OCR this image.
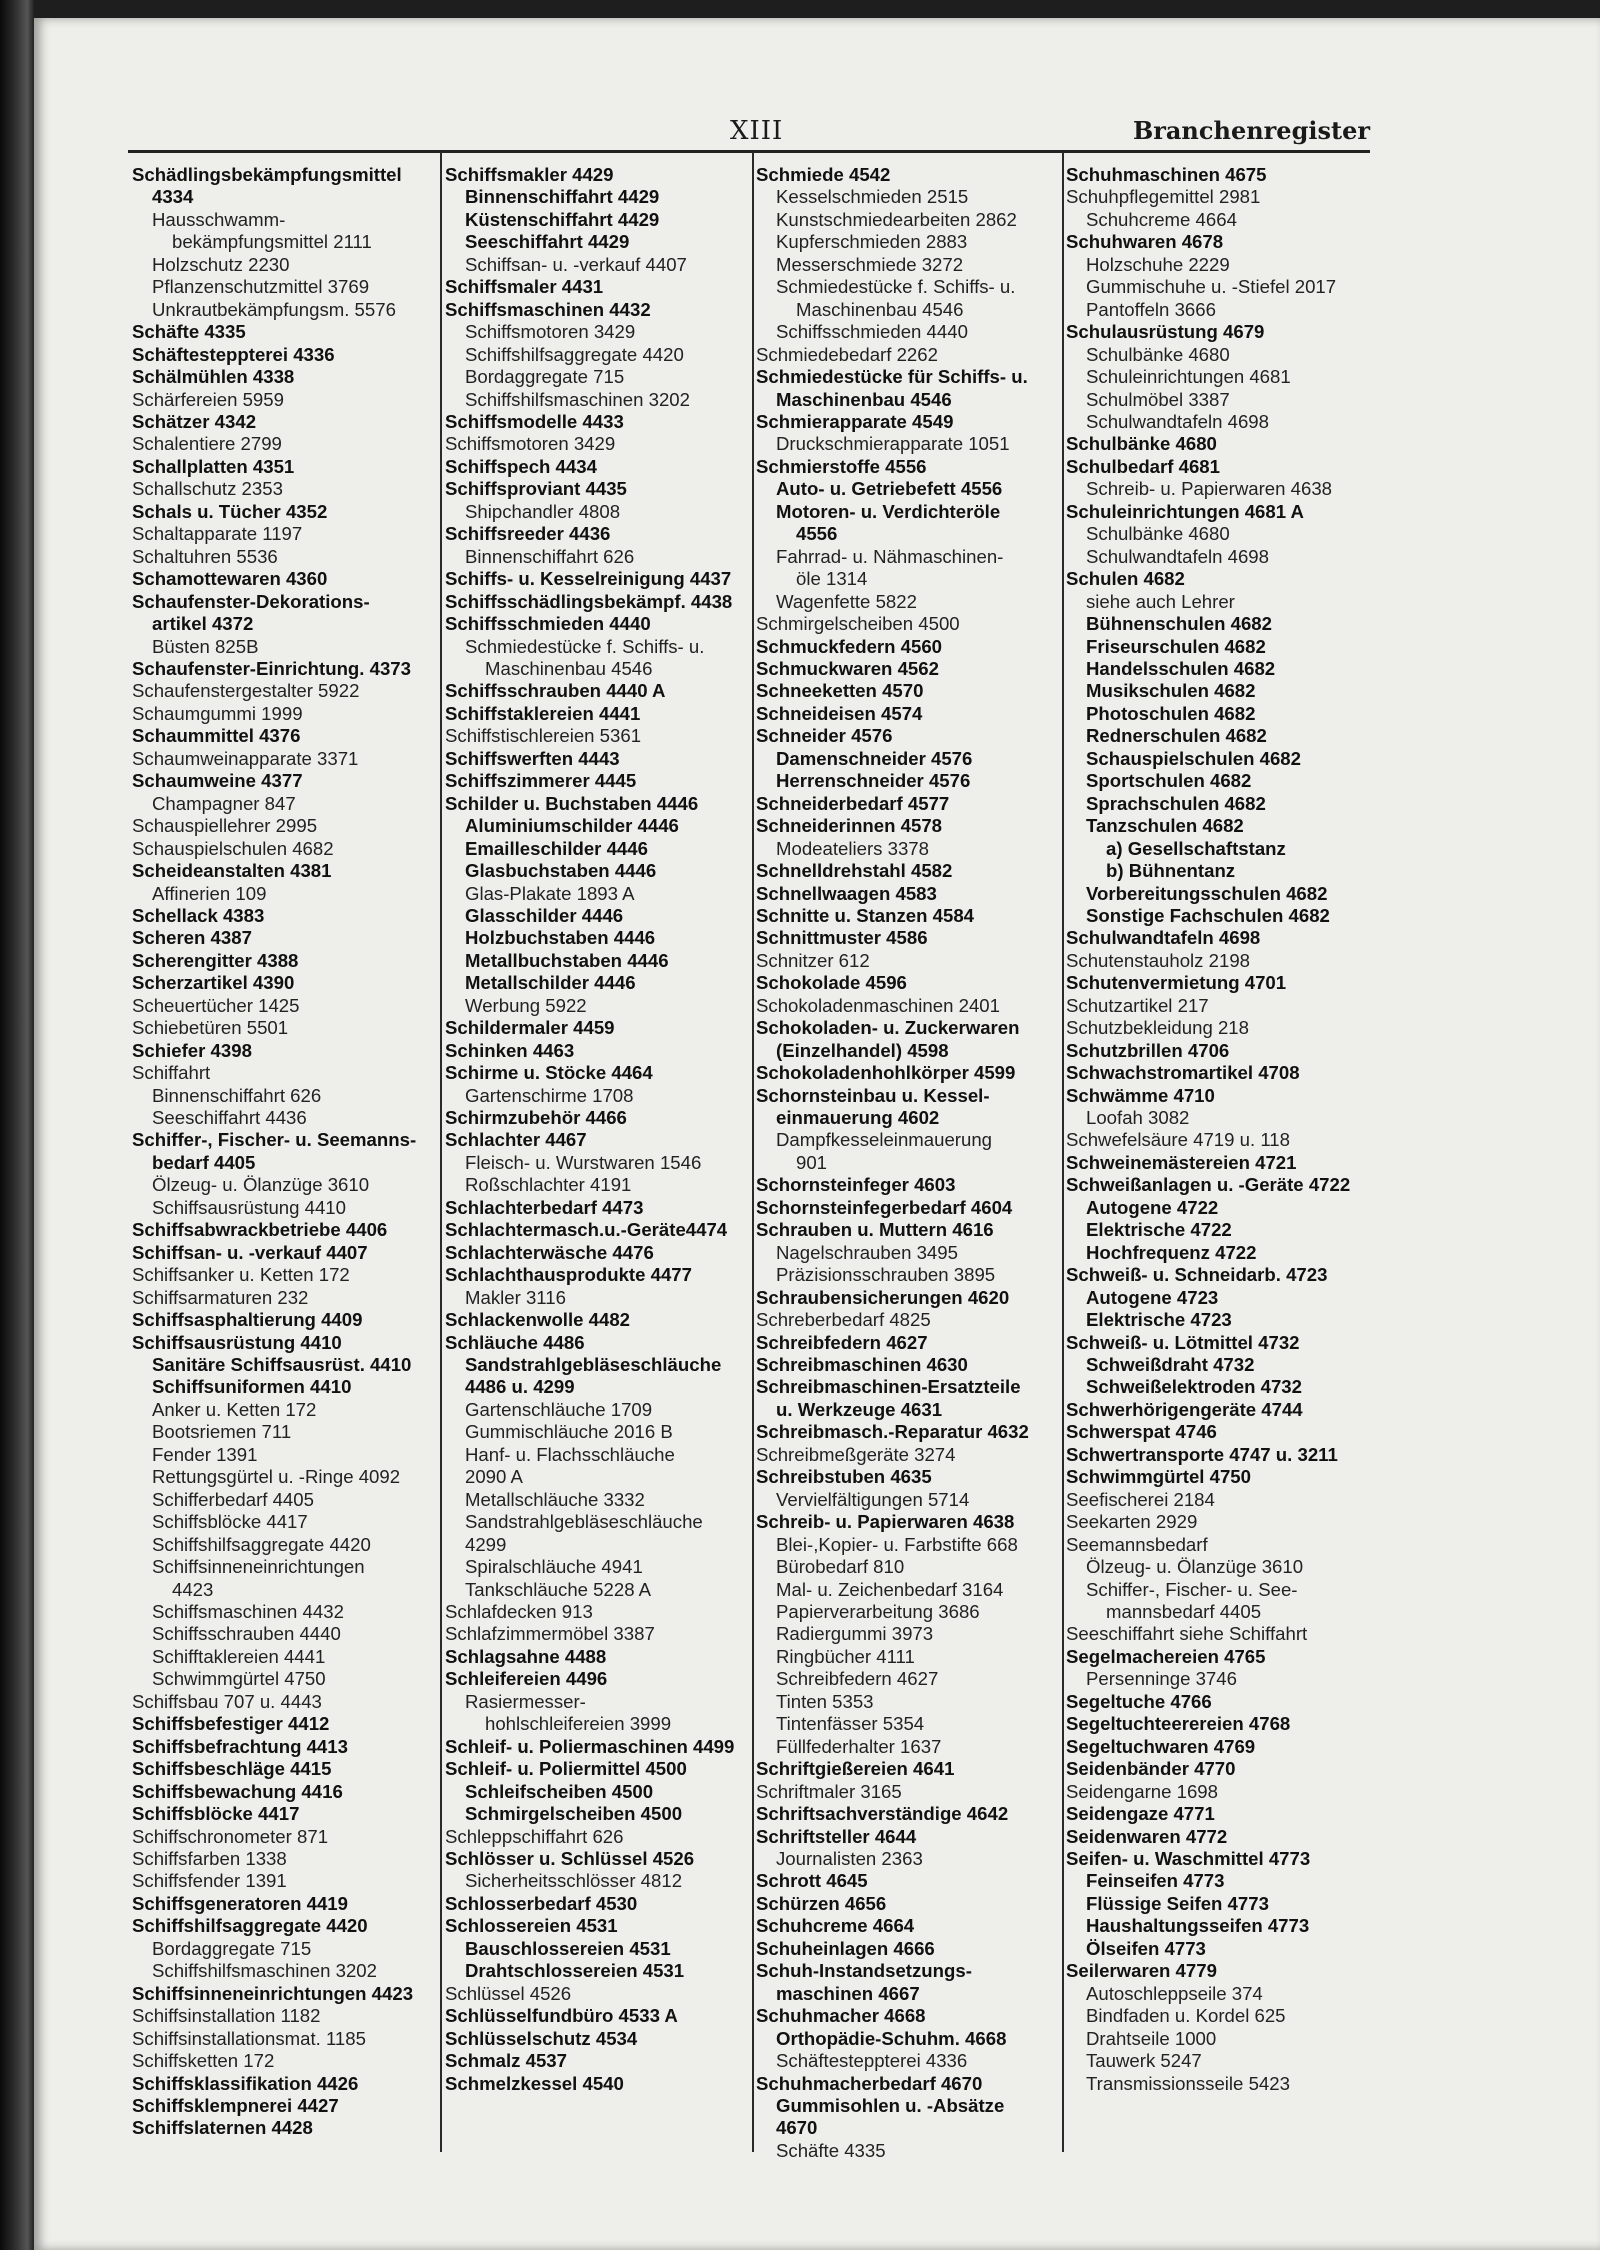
XIII	Branchenregister
Schädlingsbekämpfungsmittel
4334
Hausschwamm-
bekämpfungsmittel 2111
Holzschutz 2230
Pflanzenschutzmittel 3769
Unkrautbekämpfungsm. 5576
Schäfte 4335
Schäftesteppterei 4336
Schälmühlen 4338
Schärfereien 5959
Schätzer 4342
Schalentiere 2799
Schallplatten 4351
Schallschutz 2353
Schals u. Tücher 4352
Schaltapparate 1197
Schaltuhren 5536
Schamottewaren 4360
Schaufenster-Dekorations-
artikel 4372
Büsten 825B
Schaufenster-Einrichtung. 4373
Schaufenstergestalter 5922
Schaumgummi 1999
Schaummittel 4376
Schaumweinapparate 3371
Schaumweine 4377
Champagner 847
Schauspiellehrer 2995
Schauspielschulen 4682
Scheideanstalten 4381
Affinerien 109
Schellack 4383
Scheren 4387
Scherengitter 4388
Scherzartikel 4390
Scheuertücher 1425
Schiebetüren 5501
Schiefer 4398
Schiffahrt
Binnenschiffahrt 626
Seeschiffahrt 4436
Schiffer-, Fischer- u. Seemanns-
bedarf 4405
Ölzeug- u. Ölanzüge 3610
Schiffsausrüstung 4410
Schiffsabwrackbetriebe 4406
Schiffsan- u. -verkauf 4407
Schiffsanker u. Ketten 172
Schiffsarmaturen 232
Schiffsasphaltierung 4409
Schiffsausrüstung 4410
Sanitäre Schiffsausrüst. 4410
Schiffsuniformen 4410
Anker u. Ketten 172
Bootsriemen 711
Fender 1391
Rettungsgürtel u. -Ringe 4092
Schifferbedarf 4405
Schiffsblöcke 4417
Schiffshilfsaggregate 4420
Schiffsinneneinrichtungen
4423
Schiffsmaschinen 4432
Schiffsschrauben 4440
Schifftaklereien 4441
Schwimmgürtel 4750
Schiffsbau 707 u. 4443
Schiffsbefestiger 4412
Schiffsbefrachtung 4413
Schiffsbeschläge 4415
Schiffsbewachung 4416
Schiffsblöcke 4417
Schiffschronometer 871
Schiffsfarben 1338
Schiffsfender 1391
Schiffsgeneratoren 4419
Schiffshilfsaggregate 4420
Bordaggregate 715
Schiffshilfsmaschinen 3202
Schiffsinneneinrichtungen 4423
Schiffsinstallation 1182
Schiffsinstallationsmat. 1185
Schiffsketten 172
Schiffsklassifikation 4426
Schiffsklempnerei 4427
Schiffslaternen 4428
Schiffsmakler 4429
Binnenschiffahrt 4429
Küstenschiffahrt 4429
Seeschiffahrt 4429
Schiffsan- u. -verkauf 4407
Schiffsmaler 4431
Schiffsmaschinen 4432
Schiffsmotoren 3429
Schiffshilfsaggregate 4420
Bordaggregate 715
Schiffshilfsmaschinen 3202
Schiffsmodelle 4433
Schiffsmotoren 3429
Schiffspech 4434
Schiffsproviant 4435
Shipchandler 4808
Schiffsreeder 4436
Binnenschiffahrt 626
Schiffs- u. Kesselreinigung 4437
Schiffsschädlingsbekämpf. 4438
Schiffsschmieden 4440
Schmiedestücke f. Schiffs- u.
Maschinenbau 4546
Schiffsschrauben 4440 A
Schiffstaklereien 4441
Schiffstischlereien 5361
Schiffswerften 4443
Schiffszimmerer 4445
Schilder u. Buchstaben 4446
Aluminiumschilder 4446
Emailleschilder 4446
Glasbuchstaben 4446
Glas-Plakate 1893 A
Glasschilder 4446
Holzbuchstaben 4446
Metallbuchstaben 4446
Metallschilder 4446
Werbung 5922
Schildermaler 4459
Schinken 4463
Schirme u. Stöcke 4464
Gartenschirme 1708
Schirmzubehör 4466
Schlachter 4467
Fleisch- u. Wurstwaren 1546
Roßschlachter 4191
Schlachterbedarf 4473
Schlachtermasch.u.-Geräte4474
Schlachterwäsche 4476
Schlachthausprodukte 4477
Makler 3116
Schlackenwolle 4482
Schläuche 4486
Sandstrahlgebläseschläuche
4486 u. 4299
Gartenschläuche 1709
Gummischläuche 2016 B
Hanf- u. Flachsschläuche
2090 A
Metallschläuche 3332
Sandstrahlgebläseschläuche
4299
Spiralschläuche 4941
Tankschläuche 5228 A
Schlafdecken 913
Schlafzimmermöbel 3387
Schlagsahne 4488
Schleifereien 4496
Rasiermesser-
hohlschleifereien 3999
Schleif- u. Poliermaschinen 4499
Schleif- u. Poliermittel 4500
Schleifscheiben 4500
Schmirgelscheiben 4500
Schleppschiffahrt 626
Schlösser u. Schlüssel 4526
Sicherheitsschlösser 4812
Schlosserbedarf 4530
Schlossereien 4531
Bauschlossereien 4531
Drahtschlossereien 4531
Schlüssel 4526
Schlüsselfundbüro 4533 A
Schlüsselschutz 4534
Schmalz 4537
Schmelzkessel 4540
Schmiede 4542
Kesselschmieden 2515
Kunstschmiedearbeiten 2862
Kupferschmieden 2883
Messerschmiede 3272
Schmiedestücke f. Schiffs- u.
Maschinenbau 4546
Schiffsschmieden 4440
Schmiedebedarf 2262
Schmiedestücke für Schiffs- u.
Maschinenbau 4546
Schmierapparate 4549
Druckschmierapparate 1051
Schmierstoffe 4556
Auto- u. Getriebefett 4556
Motoren- u. Verdichteröle
4556
Fahrrad- u. Nähmaschinen-
öle 1314
Wagenfette 5822
Schmirgelscheiben 4500
Schmuckfedern 4560
Schmuckwaren 4562
Schneeketten 4570
Schneideisen 4574
Schneider 4576
Damenschneider 4576
Herrenschneider 4576
Schneiderbedarf 4577
Schneiderinnen 4578
Modeateliers 3378
Schnelldrehstahl 4582
Schnellwaagen 4583
Schnitte u. Stanzen 4584
Schnittmuster 4586
Schnitzer 612
Schokolade 4596
Schokoladenmaschinen 2401
Schokoladen- u. Zuckerwaren
(Einzelhandel) 4598
Schokoladenhohlkörper 4599
Schornsteinbau u. Kessel-
einmauerung 4602
Dampfkesseleinmauerung
901
Schornsteinfeger 4603
Schornsteinfegerbedarf 4604
Schrauben u. Muttern 4616
Nagelschrauben 3495
Präzisionsschrauben 3895
Schraubensicherungen 4620
Schreberbedarf 4825
Schreibfedern 4627
Schreibmaschinen 4630
Schreibmaschinen-Ersatzteile
u. Werkzeuge 4631
Schreibmasch.-Reparatur 4632
Schreibmeßgeräte 3274
Schreibstuben 4635
Vervielfältigungen 5714
Schreib- u. Papierwaren 4638
Blei-,Kopier- u. Farbstifte 668
Bürobedarf 810
Mal- u. Zeichenbedarf 3164
Papierverarbeitung 3686
Radiergummi 3973
Ringbücher 4111
Schreibfedern 4627
Tinten 5353
Tintenfässer 5354
Füllfederhalter 1637
Schriftgießereien 4641
Schriftmaler 3165
Schriftsachverständige 4642
Schriftsteller 4644
Journalisten 2363
Schrott 4645
Schürzen 4656
Schuhcreme 4664
Schuheinlagen 4666
Schuh-Instandsetzungs-
maschinen 4667
Schuhmacher 4668
Orthopädie-Schuhm. 4668
Schäftesteppterei 4336
Schuhmacherbedarf 4670
Gummisohlen u. -Absätze
4670
Schäfte 4335
Schuhmaschinen 4675
Schuhpflegemittel 2981
Schuhcreme 4664
Schuhwaren 4678
Holzschuhe 2229
Gummischuhe u. -Stiefel 2017
Pantoffeln 3666
Schulausrüstung 4679
Schulbänke 4680
Schuleinrichtungen 4681
Schulmöbel 3387
Schulwandtafeln 4698
Schulbänke 4680
Schulbedarf 4681
Schreib- u. Papierwaren 4638
Schuleinrichtungen 4681 A
Schulbänke 4680
Schulwandtafeln 4698
Schulen 4682
siehe auch Lehrer
Bühnenschulen 4682
Friseurschulen 4682
Handelsschulen 4682
Musikschulen 4682
Photoschulen 4682
Rednerschulen 4682
Schauspielschulen 4682
Sportschulen 4682
Sprachschulen 4682
Tanzschulen 4682
a) Gesellschaftstanz
b) Bühnentanz
Vorbereitungsschulen 4682
Sonstige Fachschulen 4682
Schulwandtafeln 4698
Schutenstauholz 2198
Schutenvermietung 4701
Schutzartikel 217
Schutzbekleidung 218
Schutzbrillen 4706
Schwachstromartikel 4708
Schwämme 4710
Loofah 3082
Schwefelsäure 4719 u. 118
Schweinemästereien 4721
Schweißanlagen u. -Geräte 4722
Autogene 4722
Elektrische 4722
Hochfrequenz 4722
Schweiß- u. Schneidarb. 4723
Autogene 4723
Elektrische 4723
Schweiß- u. Lötmittel 4732
Schweißdraht 4732
Schweißelektroden 4732
Schwerhörigengeräte 4744
Schwerspat 4746
Schwertransporte 4747 u. 3211
Schwimmgürtel 4750
Seefischerei 2184
Seekarten 2929
Seemannsbedarf
Ölzeug- u. Ölanzüge 3610
Schiffer-, Fischer- u. See-
mannsbedarf 4405
Seeschiffahrt siehe Schiffahrt
Segelmachereien 4765
Persenninge 3746
Segeltuche 4766
Segeltuchteerereien 4768
Segeltuchwaren 4769
Seidenbänder 4770
Seidengarne 1698
Seidengaze 4771
Seidenwaren 4772
Seifen- u. Waschmittel 4773
Feinseifen 4773
Flüssige Seifen 4773
Haushaltungsseifen 4773
Ölseifen 4773
Seilerwaren 4779
Autoschleppseile 374
Bindfaden u. Kordel 625
Drahtseile 1000
Tauwerk 5247
Transmissionsseile 5423
